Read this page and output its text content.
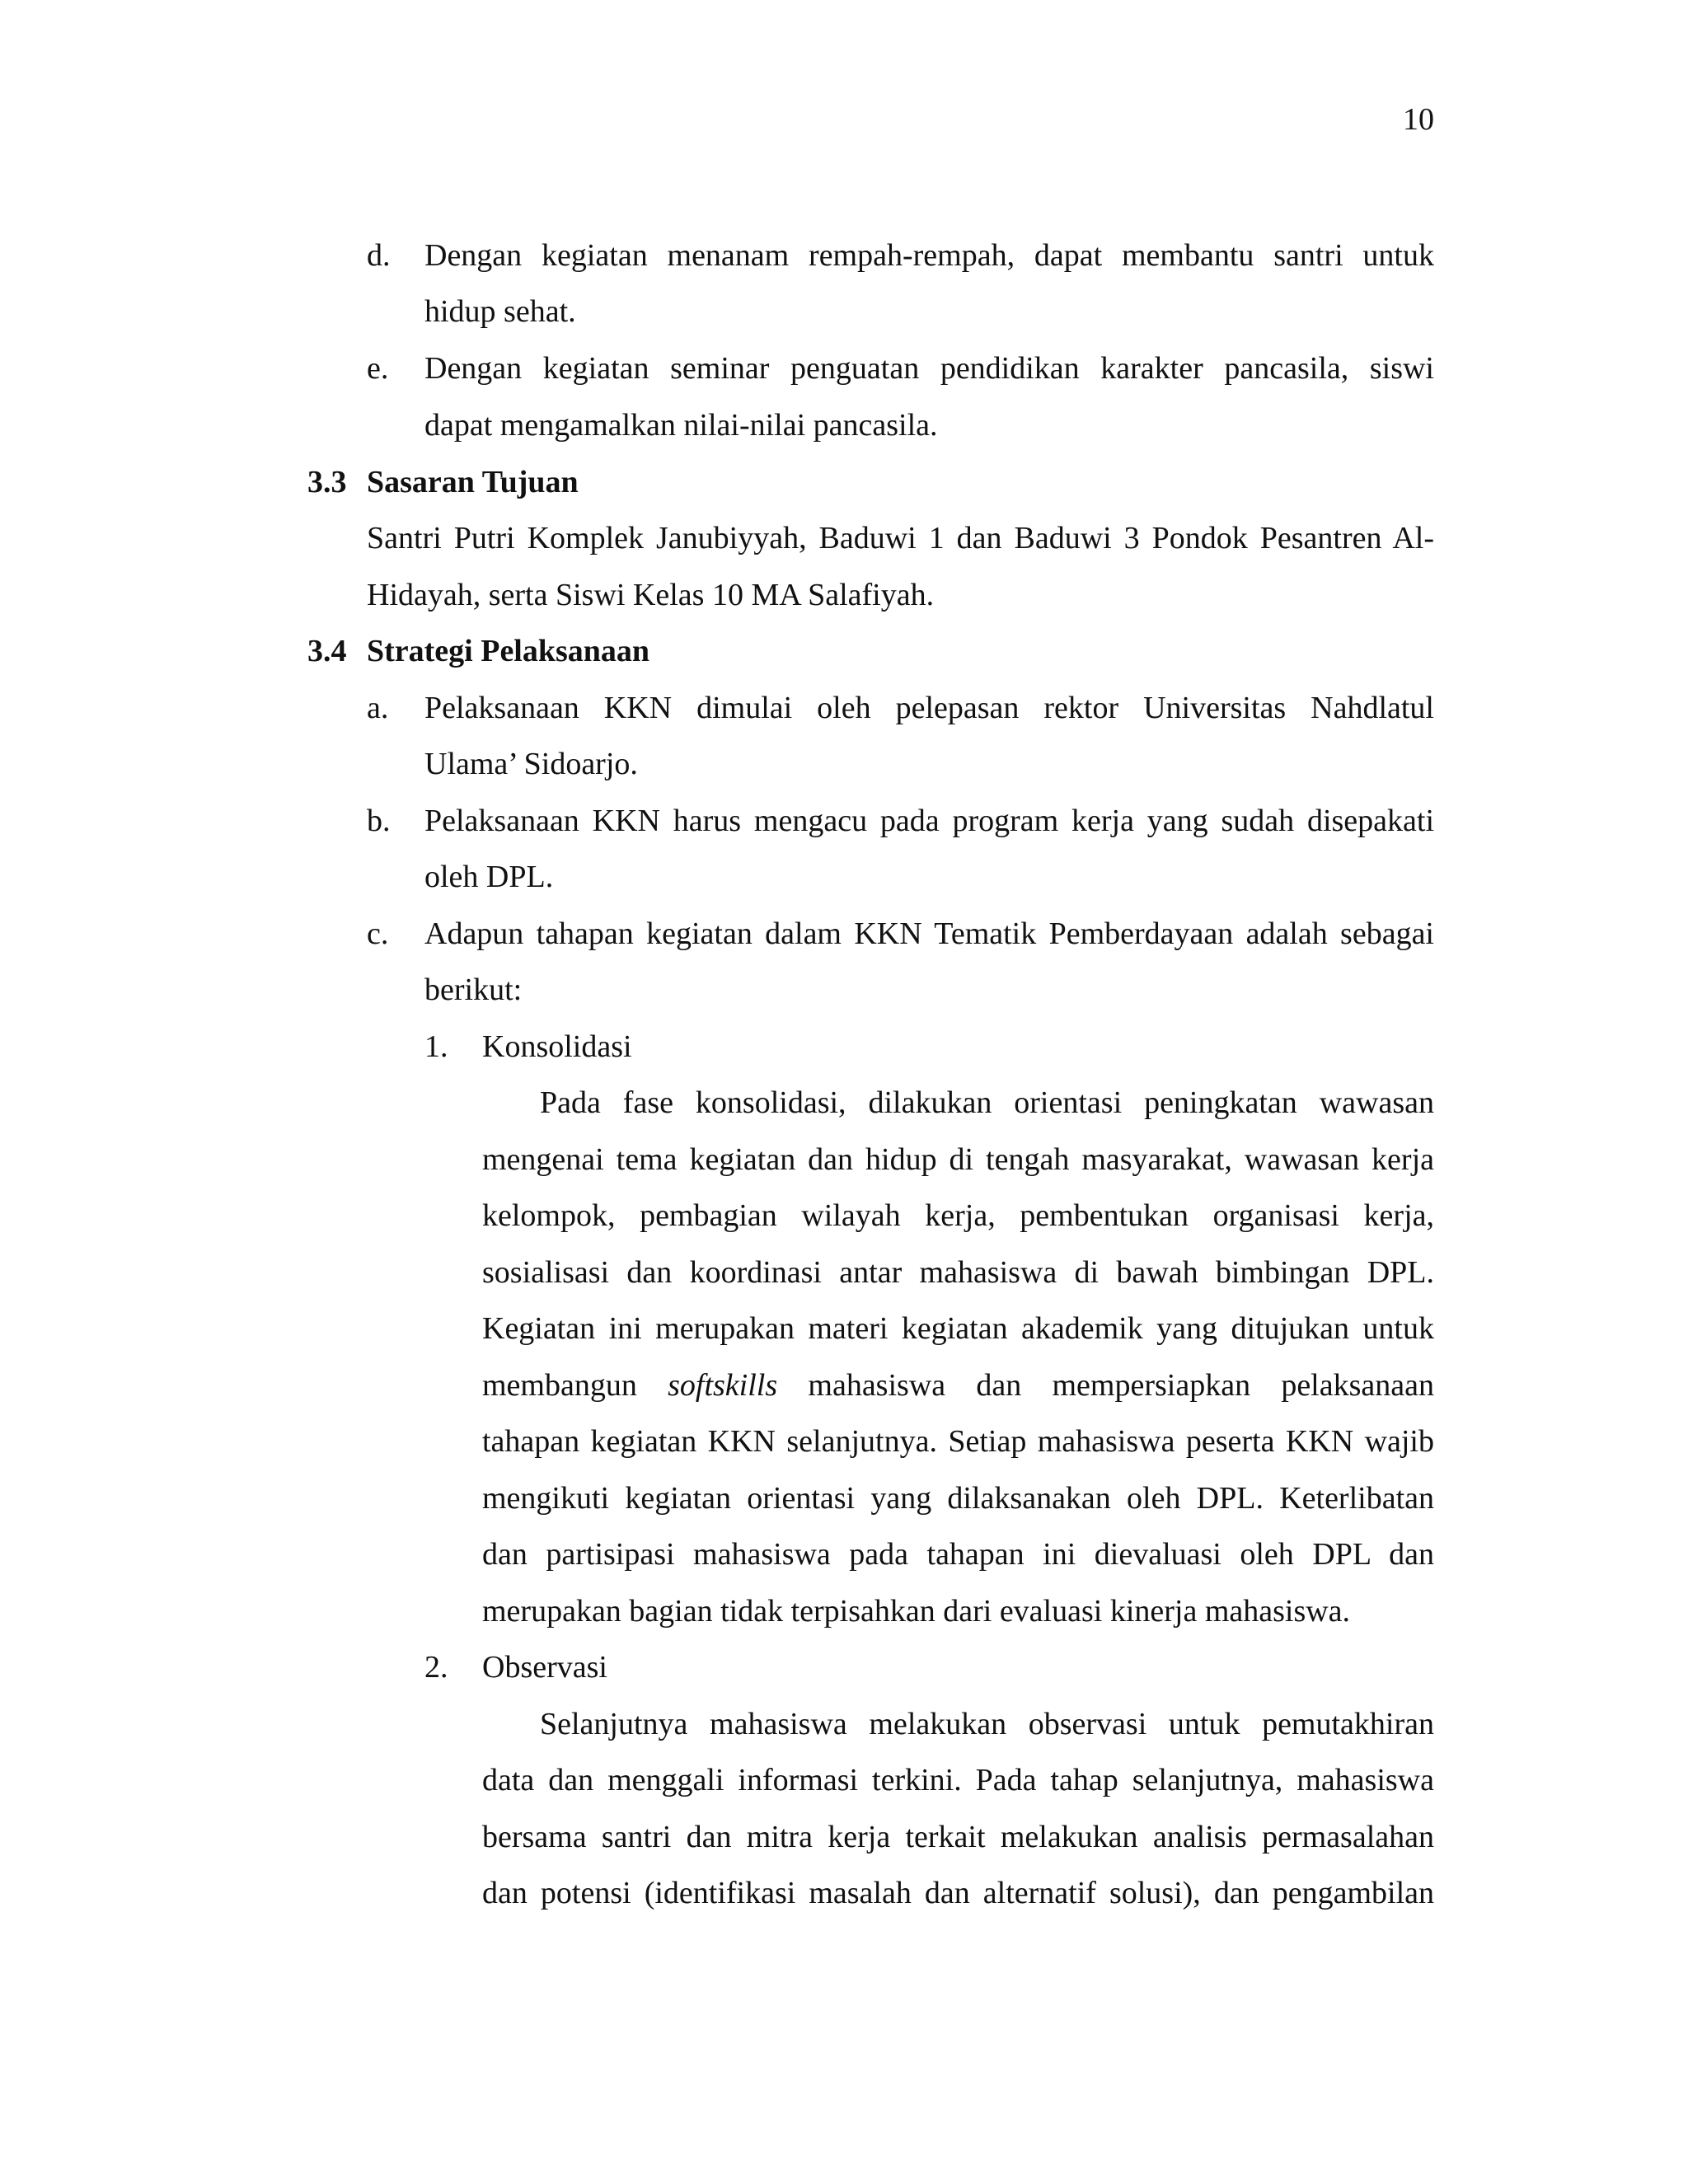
10
d. Dengan kegiatan menanam rempah-rempah, dapat membantu santri untuk
hidup sehat.
e. Dengan kegiatan seminar penguatan pendidikan karakter pancasila, siswi
dapat mengamalkan nilai-nilai pancasila.
3.3 Sasaran Tujuan
Santri Putri Komplek Janubiyyah, Baduwi 1 dan Baduwi 3 Pondok Pesantren Al-
Hidayah, serta Siswi Kelas 10 MA Salafiyah.
3.4 Strategi Pelaksanaan
a. Pelaksanaan KKN dimulai oleh pelepasan rektor Universitas Nahdlatul
Ulama’ Sidoarjo.
b. Pelaksanaan KKN harus mengacu pada program kerja yang sudah disepakati
oleh DPL.
c. Adapun tahapan kegiatan dalam KKN Tematik Pemberdayaan adalah sebagai
berikut:
1. Konsolidasi
Pada fase konsolidasi, dilakukan orientasi peningkatan wawasan
mengenai tema kegiatan dan hidup di tengah masyarakat, wawasan kerja
kelompok, pembagian wilayah kerja, pembentukan organisasi kerja,
sosialisasi dan koordinasi antar mahasiswa di bawah bimbingan DPL.
Kegiatan ini merupakan materi kegiatan akademik yang ditujukan untuk
membangun softskills mahasiswa dan mempersiapkan pelaksanaan
tahapan kegiatan KKN selanjutnya. Setiap mahasiswa peserta KKN wajib
mengikuti kegiatan orientasi yang dilaksanakan oleh DPL. Keterlibatan
dan partisipasi mahasiswa pada tahapan ini dievaluasi oleh DPL dan
merupakan bagian tidak terpisahkan dari evaluasi kinerja mahasiswa.
2. Observasi
Selanjutnya mahasiswa melakukan observasi untuk pemutakhiran
data dan menggali informasi terkini. Pada tahap selanjutnya, mahasiswa
bersama santri dan mitra kerja terkait melakukan analisis permasalahan
dan potensi (identifikasi masalah dan alternatif solusi), dan pengambilan
